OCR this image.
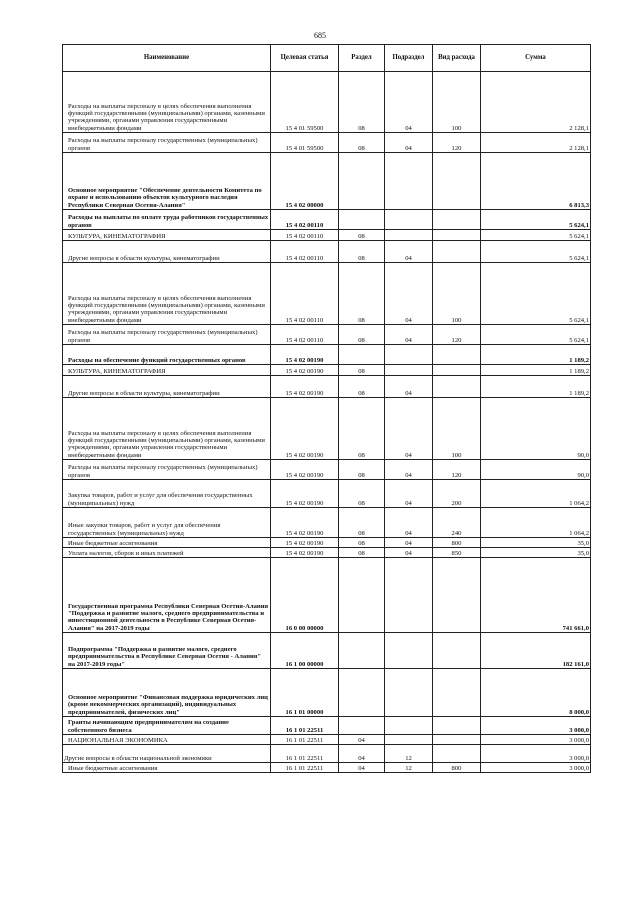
685
Наименование	Целевая статья	Раздел	Подраздел	Вид расхода	Сумма
Расходы на выплаты персоналу в целях обеспечения выполнения функций государственными (муниципальными) органами, казенными учреждениями, органами управления государственными внебюджетными фондами	15 4 01 59500	08	04	100	2 128,1
Расходы на выплаты персоналу государственных (муниципальных) органов	15 4 01 59500	08	04	120	2 128,1
Основное мероприятие "Обеспечение деятельности Комитета по охране и использованию объектов культурного наследия Республики Северная Осетия-Алания"	15 4 02 00000				6 813,3
Расходы на выплаты по оплате труда работников государственных органов	15 4 02 00110				5 624,1
КУЛЬТУРА, КИНЕМАТОГРАФИЯ	15 4 02 00110	08			5 624,1
Другие вопросы в области культуры, кинематографии	15 4 02 00110	08	04		5 624,1
Расходы на выплаты персоналу в целях обеспечения выполнения функций государственными (муниципальными) органами, казенными учреждениями, органами управления государственными внебюджетными фондами	15 4 02 00110	08	04	100	5 624,1
Расходы на выплаты персоналу государственных (муниципальных) органов	15 4 02 00110	08	04	120	5 624,1
Расходы на обеспечение функций государственных органов	15 4 02 00190				1 189,2
КУЛЬТУРА, КИНЕМАТОГРАФИЯ	15 4 02 00190	08			1 189,2
Другие вопросы в области культуры, кинематографии	15 4 02 00190	08	04		1 189,2
Расходы на выплаты персоналу в целях обеспечения выполнения функций государственными (муниципальными) органами, казенными учреждениями, органами управления государственными внебюджетными фондами	15 4 02 00190	08	04	100	90,0
Расходы на выплаты персоналу государственных (муниципальных) органов	15 4 02 00190	08	04	120	90,0
Закупка товаров, работ и услуг для обеспечения государственных (муниципальных) нужд	15 4 02 00190	08	04	200	1 064,2
Иные закупки товаров, работ и услуг для обеспечения государственных (муниципальных) нужд	15 4 02 00190	08	04	240	1 064,2
Иные бюджетные ассигнования	15 4 02 00190	08	04	800	35,0
Уплата налогов, сборов и иных платежей	15 4 02 00190	08	04	850	35,0
Государственная программа Республики Северная Осетия-Алания "Поддержка и развитие малого, среднего предпринимательства и инвестиционной деятельности в Республике Северная Осетия-Алания" на 2017-2019 годы	16 0 00 00000				741 661,0
Подпрограмма "Поддержка и развитие малого, среднего предпринимательства в Республике Северная Осетия - Алания" на 2017-2019 годы"	16 1 00 00000				182 161,0
Основное мероприятие "Финансовая поддержка юридических лиц (кроме некоммерческих организаций), индивидуальных предпринимателей, физических лиц"	16 1 01 00000				8 000,0
Гранты начинающим предпринимателям на создание собственного бизнеса	16 1 01 22511				3 000,0
НАЦИОНАЛЬНАЯ ЭКОНОМИКА	16 1 01 22511	04			3 000,0
Другие вопросы в области национальной экономики	16 1 01 22511	04	12		3 000,0
Иные бюджетные ассигнования	16 1 01 22511	04	12	800	3 000,0
